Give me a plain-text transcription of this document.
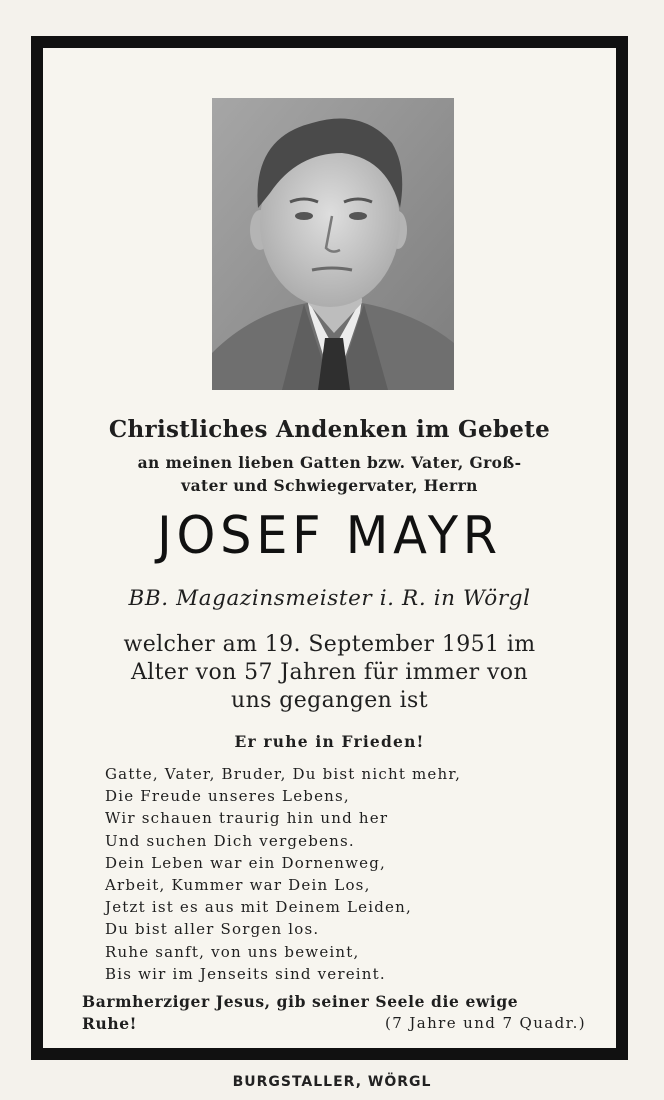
Christliches Andenken im Gebete
an meinen lieben Gatten bzw. Vater, Groß-
vater und Schwiegervater, Herrn
JOSEF MAYR
BB. Magazinsmeister i. R. in Wörgl
welcher am 19. September 1951 im
Alter von 57 Jahren für immer von
uns gegangen ist
Er ruhe in Frieden!
Gatte, Vater, Bruder, Du bist nicht mehr,
Die Freude unseres Lebens,
Wir schauen traurig hin und her
Und suchen Dich vergebens.
Dein Leben war ein Dornenweg,
Arbeit, Kummer war Dein Los,
Jetzt ist es aus mit Deinem Leiden,
Du bist aller Sorgen los.
Ruhe sanft, von uns beweint,
Bis wir im Jenseits sind vereint.
Barmherziger Jesus, gib seiner Seele die ewige
Ruhe!	(7 Jahre und 7 Quadr.)
BURGSTALLER, WÖRGL
